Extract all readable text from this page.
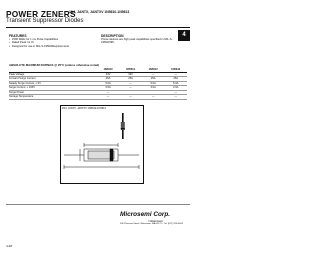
POWER ZENERS
1N4, JANTX, JANTXV 1N5610-1N5613
Transient Suppressor Diodes
4
FEATURES
• 1500 Watts for 1 ms Pulse Capabilities
• Rated Peak I & Vc
• Designed for use in MIL-S-19500/Requirements
DESCRIPTION
These devices are high peak capabilities specified in MIL-S-19500/395.
ABSOLUTE MAXIMUM RATINGS @ 25°C (unless otherwise noted)
	1N5610	1N5611	1N5612	1N5613
Peak Voltage	24V	30V	—	—
Forward Surge Current	25A	25A	25A	25A
Steady Surge Current, ≤ 5V	5.0A	—	5.0A	5.0A
Surge Current, ≤ 100V	3.5A	—	3.0A	3.0A
Surge Power	—			—
Storage Temperature	—	—	—	—
1N4, JANTX, JANTXV 1N5610-1N5613
Microsemi Corp.
/ Watertown
530 Pleasant Street, Watertown, MA 02172 • Tel: (617) 926-0404
4-28
